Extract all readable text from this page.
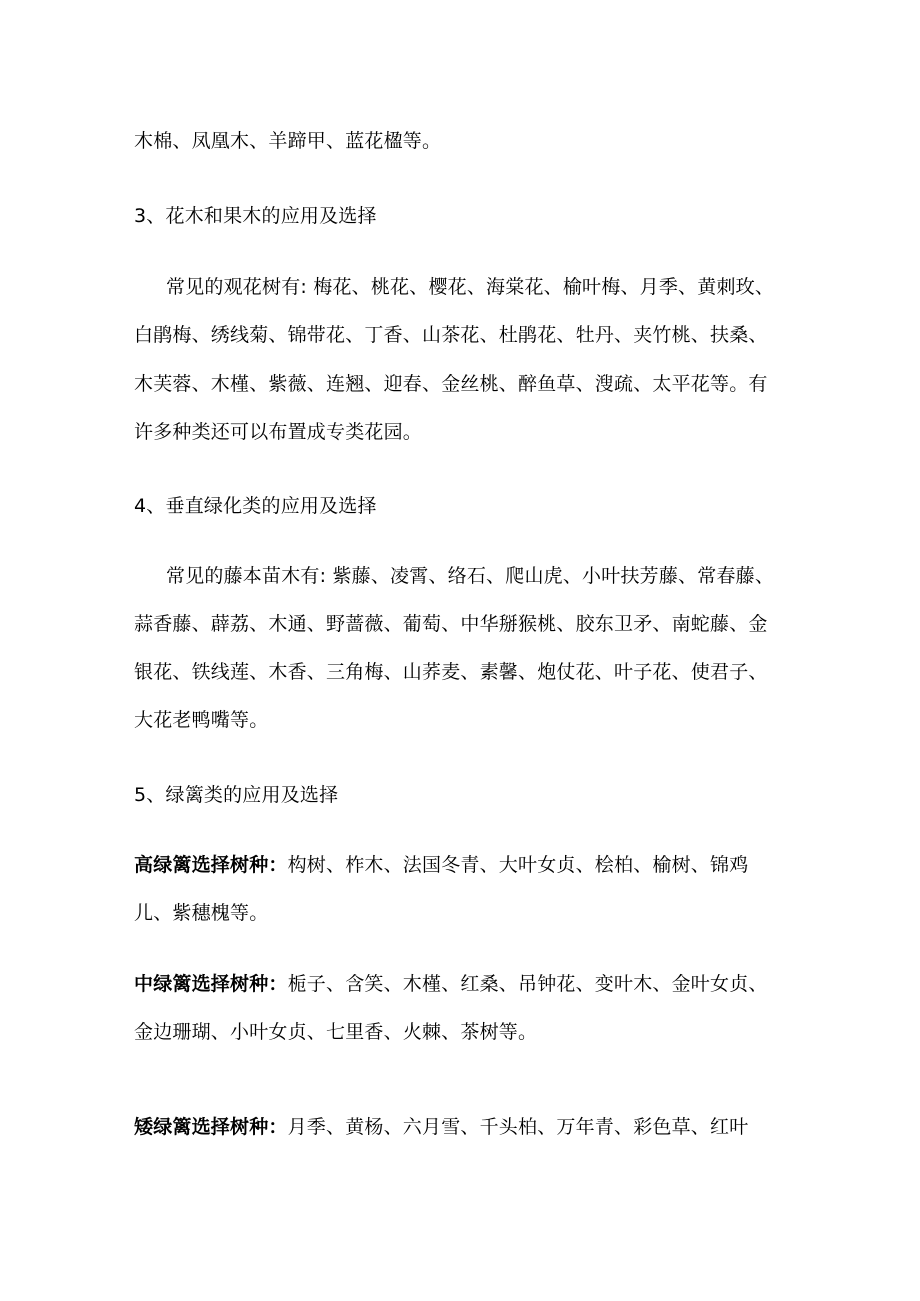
木棉、凤凰木、羊蹄甲、蓝花楹等。
3、花木和果木的应用及选择
常见的观花树有: 梅花、桃花、樱花、海棠花、榆叶梅、月季、黄刺玫、
白鹃梅、绣线菊、锦带花、丁香、山茶花、杜鹃花、牡丹、夹竹桃、扶桑、
木芙蓉、木槿、紫薇、连翘、迎春、金丝桃、醉鱼草、溲疏、太平花等。有
许多种类还可以布置成专类花园。
4、垂直绿化类的应用及选择
常见的藤本苗木有: 紫藤、凌霄、络石、爬山虎、小叶扶芳藤、常春藤、
蒜香藤、薜荔、木通、野蔷薇、葡萄、中华掰猴桃、胶东卫矛、南蛇藤、金
银花、铁线莲、木香、三角梅、山荞麦、素馨、炮仗花、叶子花、使君子、
大花老鸭嘴等。
5、绿篱类的应用及选择
高绿篱选择树种：构树、柞木、法国冬青、大叶女贞、桧柏、榆树、锦鸡
儿、紫穗槐等。
中绿篱选择树种：栀子、含笑、木槿、红桑、吊钟花、变叶木、金叶女贞、
金边珊瑚、小叶女贞、七里香、火棘、茶树等。
矮绿篱选择树种：月季、黄杨、六月雪、千头柏、万年青、彩色草、红叶
